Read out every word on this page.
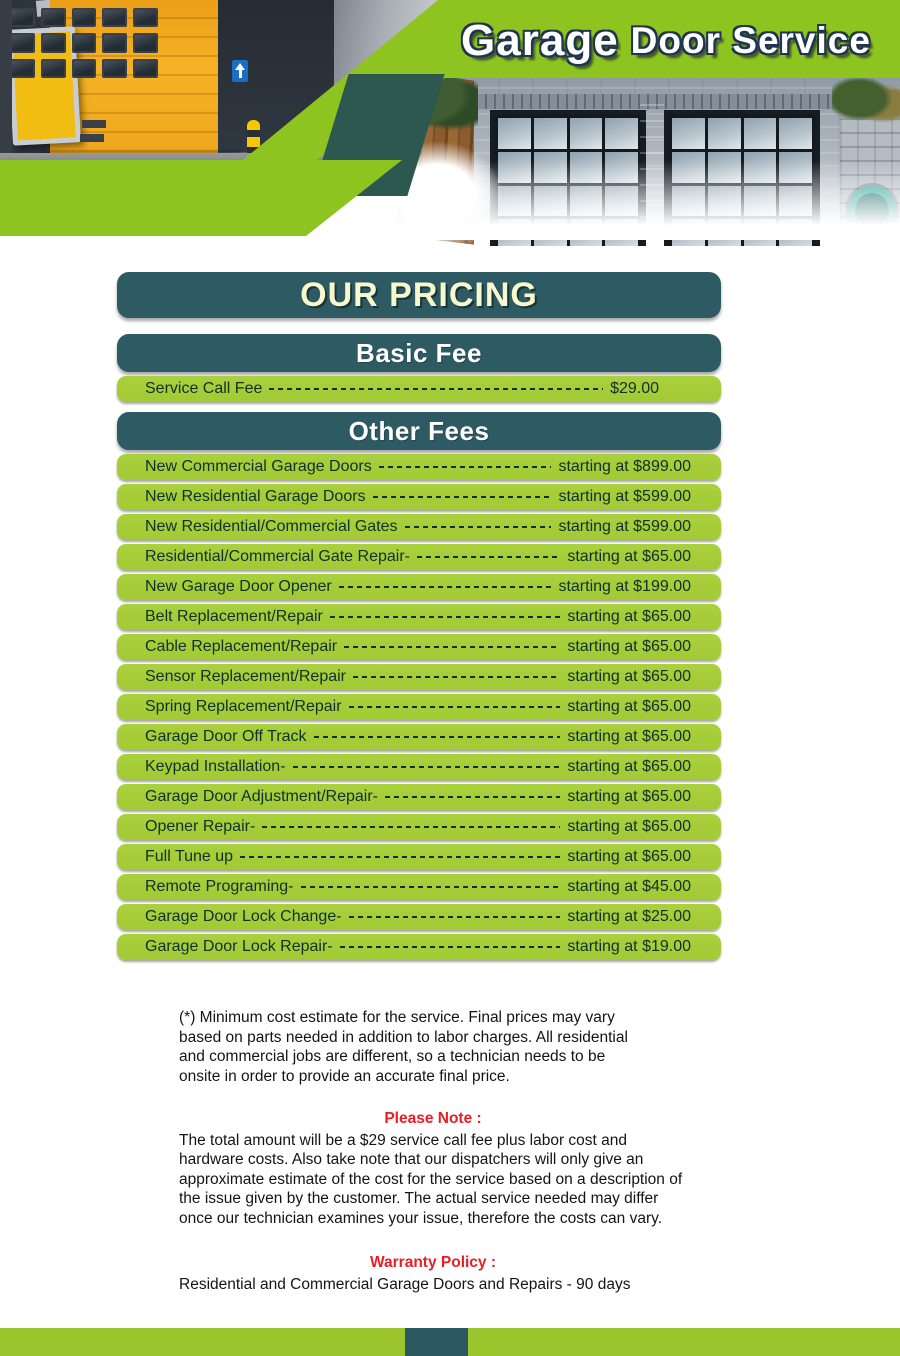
Garage Door Service
OUR PRICING
Basic Fee
Service Call Fee	$29.00
Other Fees
New Commercial Garage Doors	starting at $899.00
New Residential Garage Doors	starting at $599.00
New Residential/Commercial Gates	starting at $599.00
Residential/Commercial Gate Repair-	starting at $65.00
New Garage Door Opener	starting at $199.00
Belt Replacement/Repair	starting at $65.00
Cable Replacement/Repair	starting at $65.00
Sensor Replacement/Repair	starting at $65.00
Spring Replacement/Repair	starting at $65.00
Garage Door Off Track	starting at $65.00
Keypad Installation-	starting at $65.00
Garage Door Adjustment/Repair-	starting at $65.00
Opener Repair-	starting at $65.00
Full Tune up	starting at $65.00
Remote Programing-	starting at $45.00
Garage Door Lock Change-	starting at $25.00
Garage Door Lock Repair-	starting at $19.00

(*) Minimum cost estimate for the service. Final prices may vary based on parts needed in addition to labor charges. All residential and commercial jobs are different, so a technician needs to be onsite in order to provide an accurate final price.

Please Note :

The total amount will be a $29 service call fee plus labor cost and hardware costs. Also take note that our dispatchers will only give an approximate estimate of the cost for the service based on a description of the issue given by the customer. The actual service needed may differ once our technician examines your issue, therefore the costs can vary.

Warranty Policy :

Residential and Commercial Garage Doors and Repairs - 90 days
